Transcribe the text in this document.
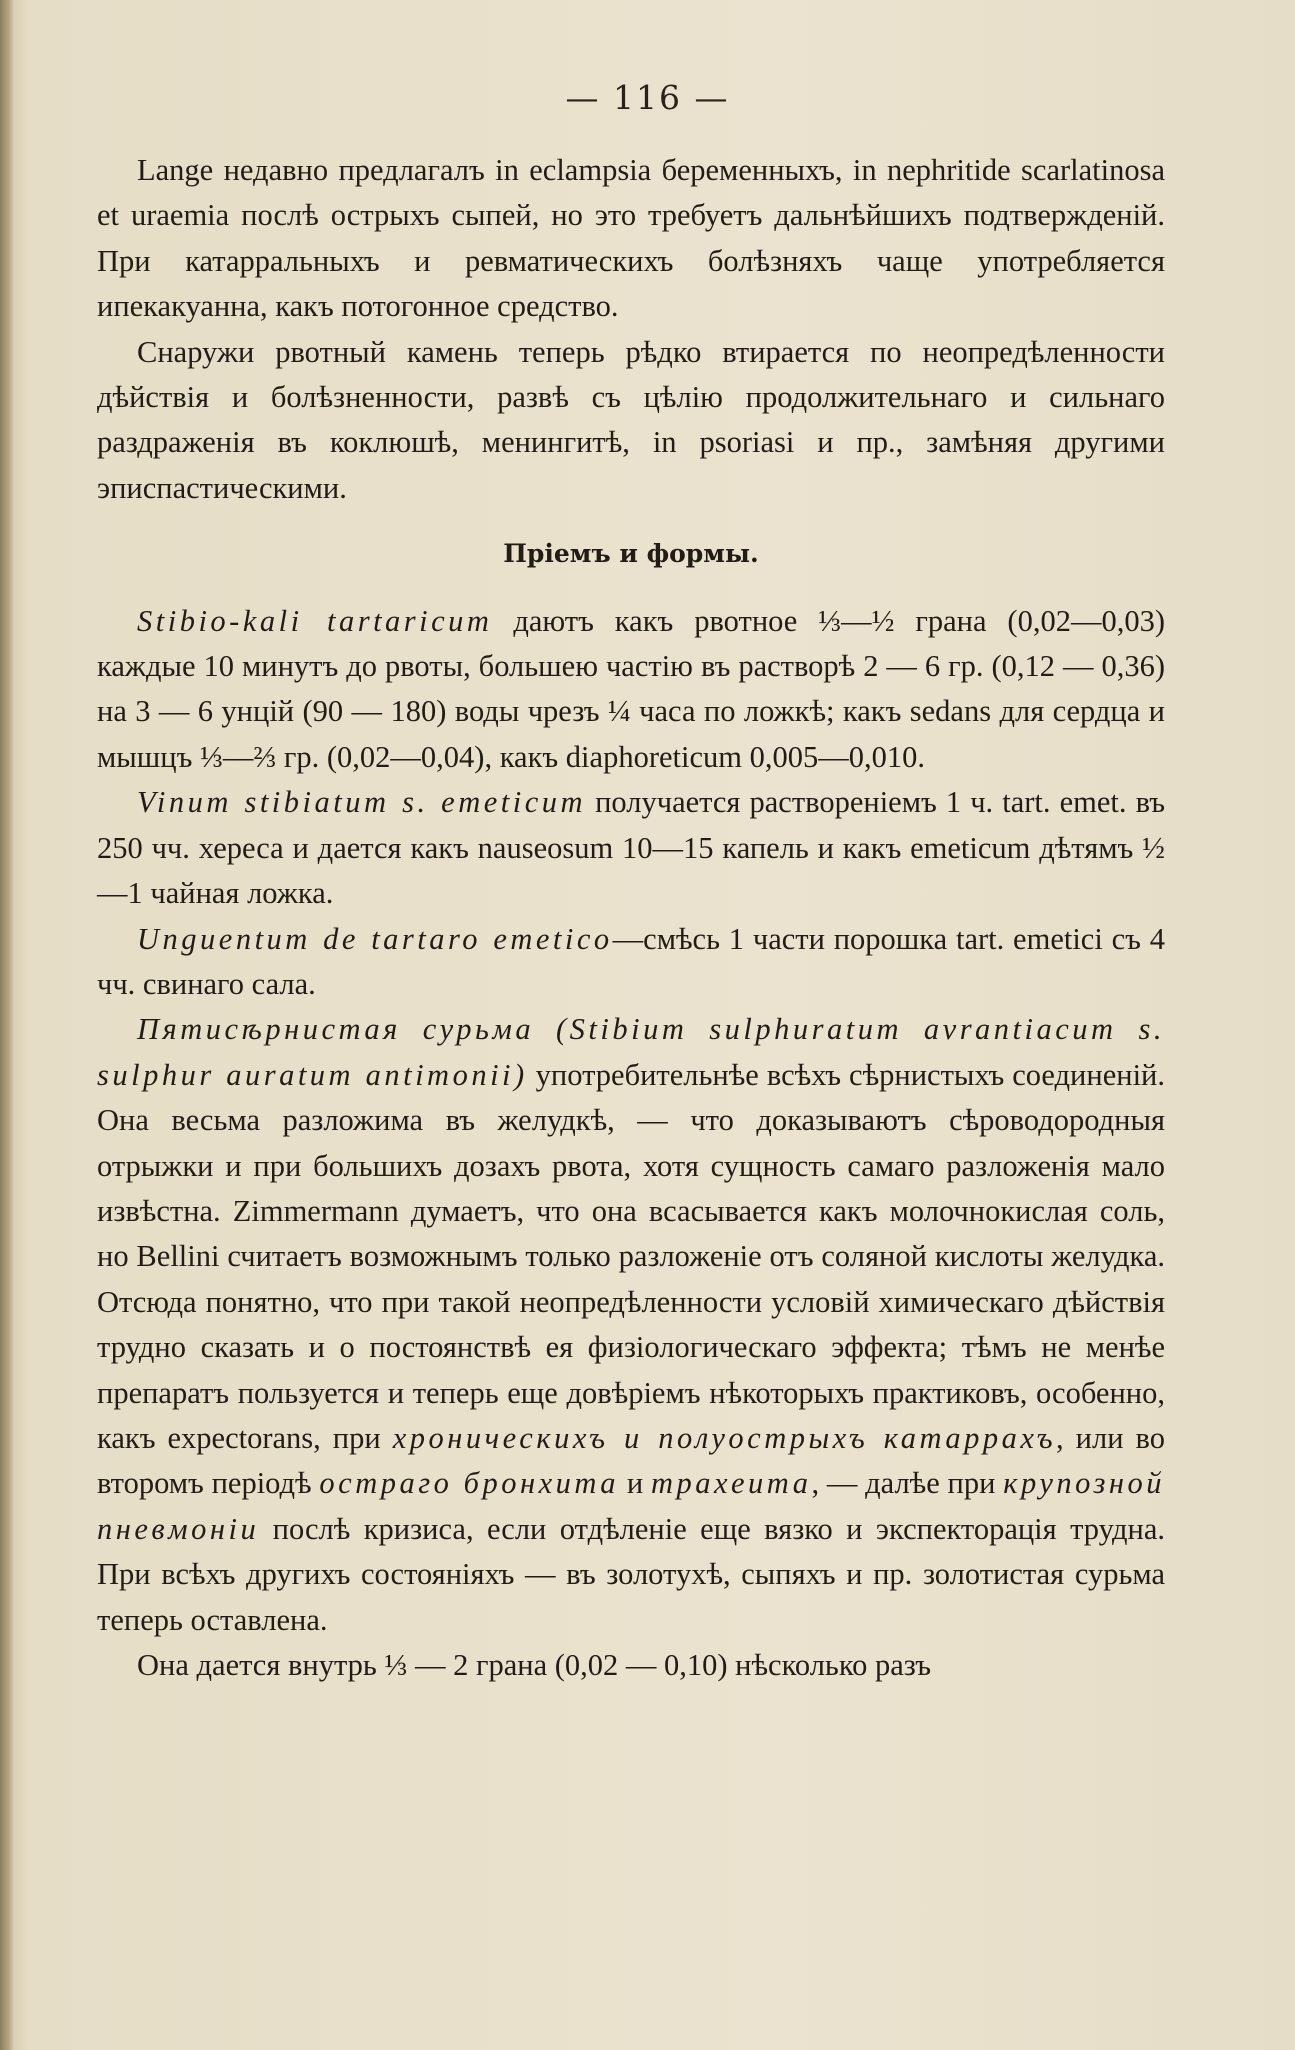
— 116 —

Lange недавно предлагалъ in eclampsia беременныхъ, in nephritide scarlatinosa et uraemia послѣ острыхъ сыпей, но это требуетъ дальнѣйшихъ подтвержденій. При катарральныхъ и ревматическихъ болѣзняхъ чаще употребляется ипекакуанна, какъ потогонное средство.

Снаружи рвотный камень теперь рѣдко втирается по неопредѣленности дѣйствія и болѣзненности, развѣ съ цѣлію продолжительнаго и сильнаго раздраженія въ коклюшѣ, менингитѣ, in psoriasi и пр., замѣняя другими эписпастическими.

Пріемъ и формы.

Stibio-kali tartaricum даютъ какъ рвотное ⅓—½ грана (0,02—0,03) каждые 10 минутъ до рвоты, большею частію въ растворѣ 2 — 6 гр. (0,12 — 0,36) на 3 — 6 унцій (90 — 180) воды чрезъ ¼ часа по ложкѣ; какъ sedans для сердца и мышцъ ⅓—⅔ гр. (0,02—0,04), какъ diaphoreticum 0,005—0,010.

Vinum stibiatum s. emeticum получается раствореніемъ 1 ч. tart. emet. въ 250 чч. хереса и дается какъ nauseosum 10—15 капель и какъ emeticum дѣтямъ ½—1 чайная ложка.

Unguentum de tartaro emetico—смѣсь 1 части порошка tart. emetici съ 4 чч. свинаго сала.

Пятисѣрнистая сурьма (Stibium sulphuratum avrantiacum s. sulphur auratum antimonii) употребительнѣе всѣхъ сѣрнистыхъ соединеній. Она весьма разложима въ желудкѣ, — что доказываютъ сѣроводородныя отрыжки и при большихъ дозахъ рвота, хотя сущность самаго разложенія мало извѣстна. Zimmermann думаетъ, что она всасывается какъ молочнокислая соль, но Bellini считаетъ возможнымъ только разложеніе отъ соляной кислоты желудка. Отсюда понятно, что при такой неопредѣленности условій химическаго дѣйствія трудно сказать и о постоянствѣ ея физіологическаго эффекта; тѣмъ не менѣе препаратъ пользуется и теперь еще довѣріемъ нѣкоторыхъ практиковъ, особенно, какъ expectorans, при хроническихъ и полуострыхъ катаррахъ, или во второмъ періодѣ остраго бронхита и трахеита, — далѣе при крупозной пневмоніи послѣ кризиса, если отдѣленіе еще вязко и экспекторація трудна. При всѣхъ другихъ состояніяхъ — въ золотухѣ, сыпяхъ и пр. золотистая сурьма теперь оставлена.

Она дается внутрь ⅓ — 2 грана (0,02 — 0,10) нѣсколько разъ
